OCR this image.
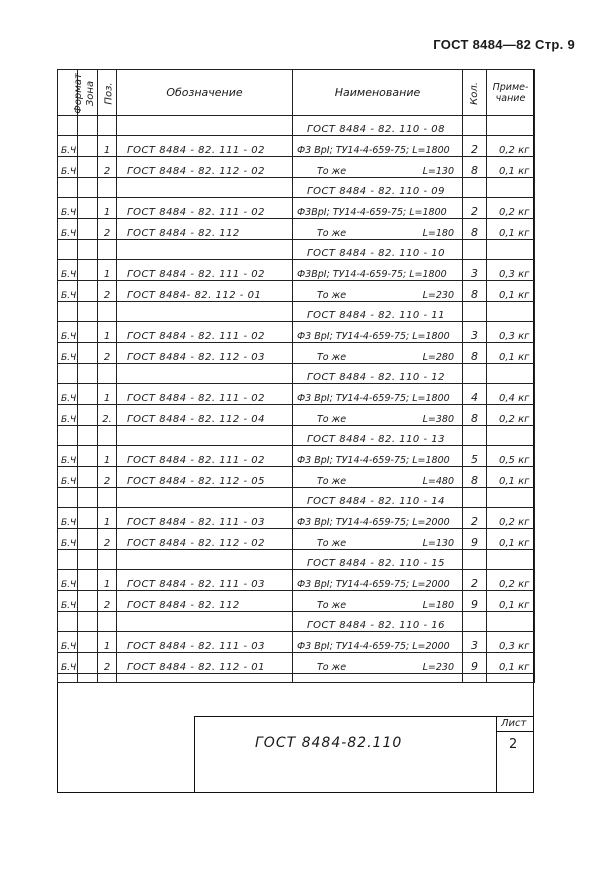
ГОСТ 8484—82 Стр. 9
Формат	Зона	Поз.	Обозначение	Наименование	Кол.	Приме-
чание
				ГОСТ 8484 - 82. 110 - 08		
Б.Ч.		1	ГОСТ 8484 - 82. 111 - 02	Ф3 ВрI; ТУ14-4-659-75; L=1800	2	0,2 кг
Б.Ч.		2	ГОСТ 8484 - 82. 112 - 02	То же L=130	8	0,1 кг
				ГОСТ 8484 - 82. 110 - 09		
Б.Ч.		1	ГОСТ 8484 - 82. 111 - 02	Ф3ВрI; ТУ14-4-659-75; L=1800	2	0,2 кг
Б.Ч.		2	ГОСТ 8484 - 82. 112	То же L=180	8	0,1 кг
				ГОСТ 8484 - 82. 110 - 10		
Б.Ч.		1	ГОСТ 8484 - 82. 111 - 02	Ф3ВрI; ТУ14-4-659-75; L=1800	3	0,3 кг
Б.Ч.		2	ГОСТ 8484- 82. 112 - 01	То же L=230	8	0,1 кг
				ГОСТ 8484 - 82. 110 - 11		
Б.Ч.		1	ГОСТ 8484 - 82. 111 - 02	Ф3 ВрI; ТУ14-4-659-75; L=1800	3	0,3 кг
Б.Ч.		2	ГОСТ 8484 - 82. 112 - 03	То же L=280	8	0,1 кг
				ГОСТ 8484 - 82. 110 - 12		
Б.Ч.		1	ГОСТ 8484 - 82. 111 - 02	Ф3 ВрI; ТУ14-4-659-75; L=1800	4	0,4 кг
Б.Ч.		2.	ГОСТ 8484 - 82. 112 - 04	То же L=380	8	0,2 кг
				ГОСТ 8484 - 82. 110 - 13		
Б.Ч.		1	ГОСТ 8484 - 82. 111 - 02	Ф3 ВрI; ТУ14-4-659-75; L=1800	5	0,5 кг
Б.Ч.		2	ГОСТ 8484 - 82. 112 - 05	То же L=480	8	0,1 кг
				ГОСТ 8484 - 82. 110 - 14		
Б.Ч.		1	ГОСТ 8484 - 82. 111 - 03	Ф3 ВрI; ТУ14-4-659-75; L=2000	2	0,2 кг
Б.Ч.		2	ГОСТ 8484 - 82. 112 - 02	То же L=130	9	0,1 кг
				ГОСТ 8484 - 82. 110 - 15		
Б.Ч.		1	ГОСТ 8484 - 82. 111 - 03	Ф3 ВрI; ТУ14-4-659-75; L=2000	2	0,2 кг
Б.Ч.		2	ГОСТ 8484 - 82. 112	То же L=180	9	0,1 кг
				ГОСТ 8484 - 82. 110 - 16		
Б.Ч.		1	ГОСТ 8484 - 82. 111 - 03	Ф3 ВрI; ТУ14-4-659-75; L=2000	3	0,3 кг
Б.Ч.		2	ГОСТ 8484 - 82. 112 - 01	То же L=230	9	0,1 кг

ГОСТ 8484-82.110
Лист
2
